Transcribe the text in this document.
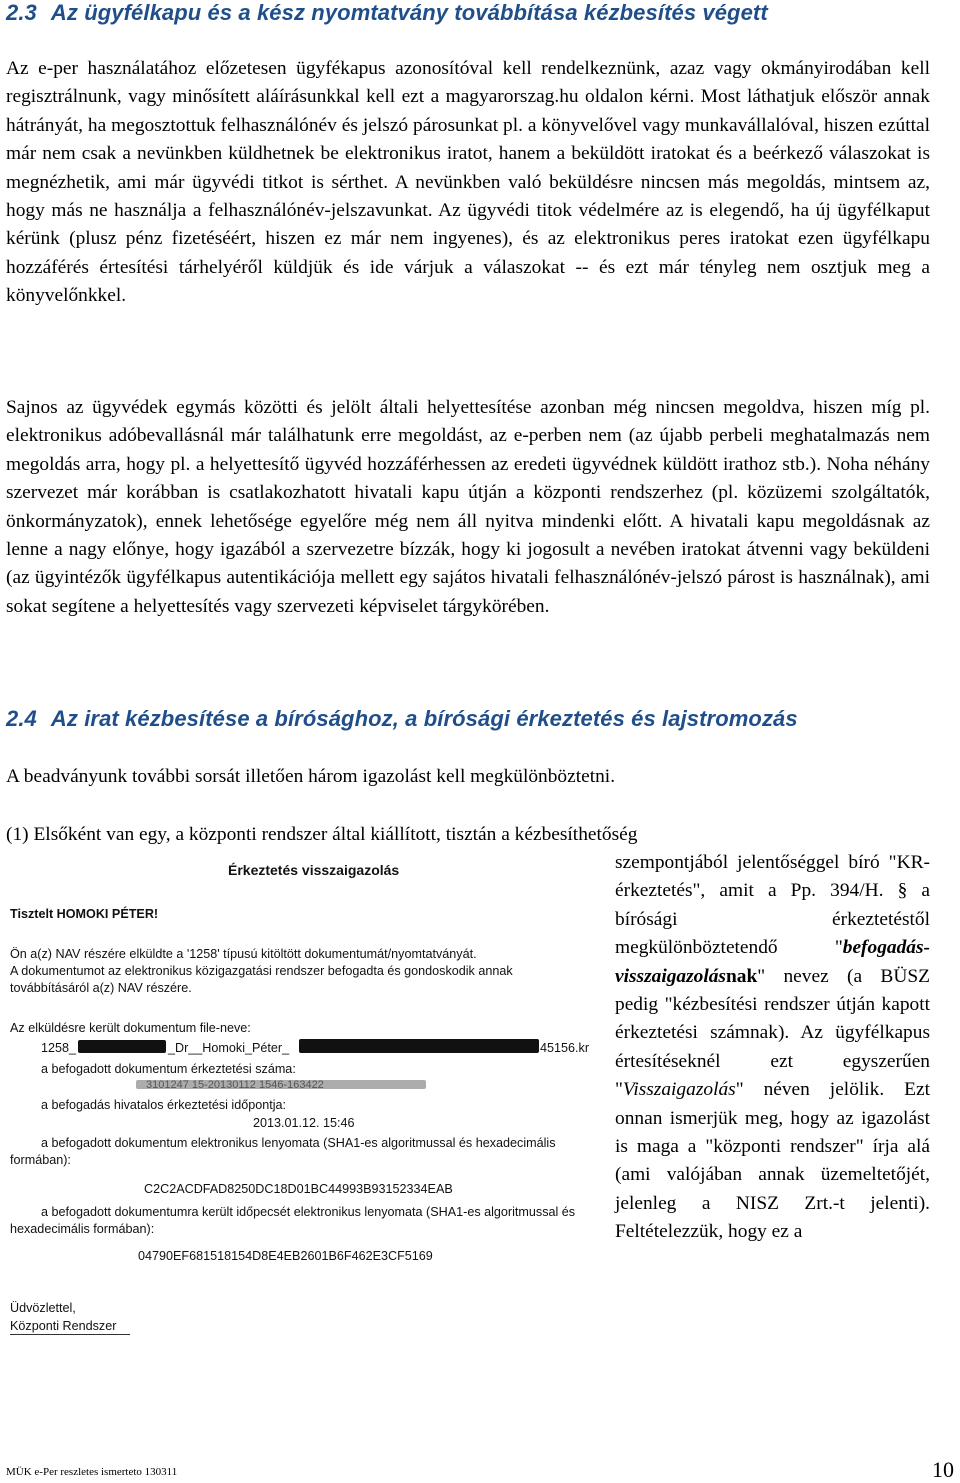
2.3 Az ügyfélkapu és a kész nyomtatvány továbbítása kézbesítés végett

Az e-per használatához előzetesen ügyfékapus azonosítóval kell rendelkeznünk, azaz vagy okmányirodában kell regisztrálnunk, vagy minősített aláírásunkkal kell ezt a magyarorszag.hu oldalon kérni. Most láthatjuk először annak hátrányát, ha megosztottuk felhasználónév és jelszó párosunkat pl. a könyvelővel vagy munkavállalóval, hiszen ezúttal már nem csak a nevünkben küldhetnek be elektronikus iratot, hanem a beküldött iratokat és a beérkező válaszokat is megnézhetik, ami már ügyvédi titkot is sérthet. A nevünkben való beküldésre nincsen más megoldás, mintsem az, hogy más ne használja a felhasználónév-jelszavunkat. Az ügyvédi titok védelmére az is elegendő, ha új ügyfélkaput kérünk (plusz pénz fizetéséért, hiszen ez már nem ingyenes), és az elektronikus peres iratokat ezen ügyfélkapu hozzáférés értesítési tárhelyéről küldjük és ide várjuk a válaszokat -- és ezt már tényleg nem osztjuk meg a könyvelőnkkel.

Sajnos az ügyvédek egymás közötti és jelölt általi helyettesítése azonban még nincsen megoldva, hiszen míg pl. elektronikus adóbevallásnál már találhatunk erre megoldást, az e-perben nem (az újabb perbeli meghatalmazás nem megoldás arra, hogy pl. a helyettesítő ügyvéd hozzáférhessen az eredeti ügyvédnek küldött irathoz stb.). Noha néhány szervezet már korábban is csatlakozhatott hivatali kapu útján a központi rendszerhez (pl. közüzemi szolgáltatók, önkormányzatok), ennek lehetősége egyelőre még nem áll nyitva mindenki előtt. A hivatali kapu megoldásnak az lenne a nagy előnye, hogy igazából a szervezetre bízzák, hogy ki jogosult a nevében iratokat átvenni vagy beküldeni (az ügyintézők ügyfélkapus autentikációja mellett egy sajátos hivatali felhasználónév-jelszó párost is használnak), ami sokat segítene a helyettesítés vagy szervezeti képviselet tárgykörében.

2.4 Az irat kézbesítése a bírósághoz, a bírósági érkeztetés és lajstromozás

A beadványunk további sorsát illetően három igazolást kell megkülönböztetni.

(1) Elsőként van egy, a központi rendszer által kiállított, tisztán a kézbesíthetőség

szempontjából jelentőséggel bíró "KR-érkeztetés", amit a Pp. 394/H. § a bírósági érkeztetéstől megkülönböztetendő "befogadás-visszaigazolásnak" nevez (a BÜSZ pedig "kézbesítési rendszer útján kapott érkeztetési számnak). Az ügyfélkapus értesítéseknél ezt egyszerűen "Visszaigazolás" néven jelölik. Ezt onnan ismerjük meg, hogy az igazolást is maga a "központi rendszer" írja alá (ami valójában annak üzemeltetőjét, jelenleg a NISZ Zrt.-t jelenti). Feltételezzük, hogy ez a

Érkeztetés visszaigazolás
Tisztelt HOMOKI PÉTER!
Ön a(z) NAV részére elküldte a '1258' típusú kitöltött dokumentumát/nyomtatványát.
A dokumentumot az elektronikus közigazgatási rendszer befogadta és gondoskodik annak
továbbításáról a(z) NAV részére.
Az elküldésre került dokumentum file-neve:
1258_	_Dr__Homoki_Péter_	45156.kr
a befogadott dokumentum érkeztetési száma:
3101247 15-20130112 1546-163422
a befogadás hivatalos érkeztetési időpontja:
2013.01.12. 15:46
a befogadott dokumentum elektronikus lenyomata (SHA1-es algoritmussal és hexadecimális
formában):
C2C2ACDFAD8250DC18D01BC44993B93152334EAB
a befogadott dokumentumra került időpecsét elektronikus lenyomata (SHA1-es algoritmussal és
hexadecimális formában):
04790EF681518154D8E4EB2601B6F462E3CF5169
Üdvözlettel,
Központi Rendszer
MÜK e-Per reszletes ismerteto 130311	10
